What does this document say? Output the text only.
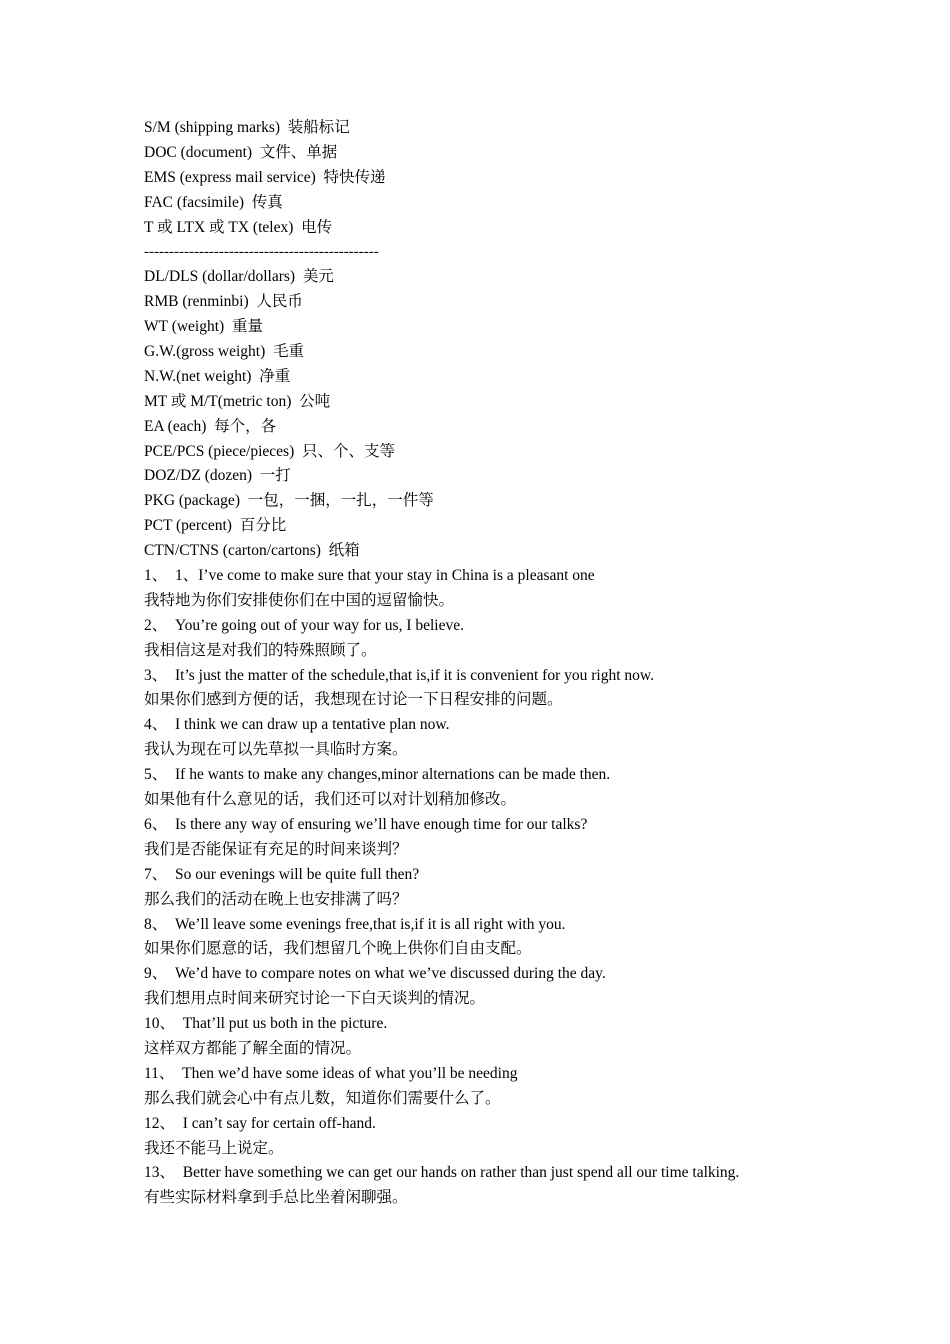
S/M (shipping marks)  装船标记
DOC (document)  文件、单据
EMS (express mail service)  特快传递
FAC (facsimile)  传真
T 或 LTX 或 TX (telex)  电传
-----------------------------------------------
DL/DLS (dollar/dollars)  美元
RMB (renminbi)  人民币
WT (weight)  重量
G.W.(gross weight)  毛重
N.W.(net weight)  净重
MT 或 M/T(metric ton)  公吨
EA (each)  每个，各
PCE/PCS (piece/pieces)  只、个、支等
DOZ/DZ (dozen)  一打
PKG (package)  一包，一捆，一扎，一件等
PCT (percent)  百分比
CTN/CTNS (carton/cartons)  纸箱
1、  1、I’ve come to make sure that your stay in China is a pleasant one
我特地为你们安排使你们在中国的逗留愉快。
2、  You’re going out of your way for us, I believe.
我相信这是对我们的特殊照顾了。
3、  It’s just the matter of the schedule,that is,if it is convenient for you right now.
如果你们感到方便的话，我想现在讨论一下日程安排的问题。
4、  I think we can draw up a tentative plan now.
我认为现在可以先草拟一具临时方案。
5、  If he wants to make any changes,minor alternations can be made then.
如果他有什么意见的话，我们还可以对计划稍加修改。
6、  Is there any way of ensuring we’ll have enough time for our talks?
我们是否能保证有充足的时间来谈判？
7、  So our evenings will be quite full then?
那么我们的活动在晚上也安排满了吗？
8、  We’ll leave some evenings free,that is,if it is all right with you.
如果你们愿意的话，我们想留几个晚上供你们自由支配。
9、  We’d have to compare notes on what we’ve discussed during the day.
我们想用点时间来研究讨论一下白天谈判的情况。
10、  That’ll put us both in the picture.
这样双方都能了解全面的情况。
11、  Then we’d have some ideas of what you’ll be needing
那么我们就会心中有点儿数，知道你们需要什么了。
12、  I can’t say for certain off-hand.
我还不能马上说定。
13、  Better have something we can get our hands on rather than just spend all our time talking.
有些实际材料拿到手总比坐着闲聊强。
